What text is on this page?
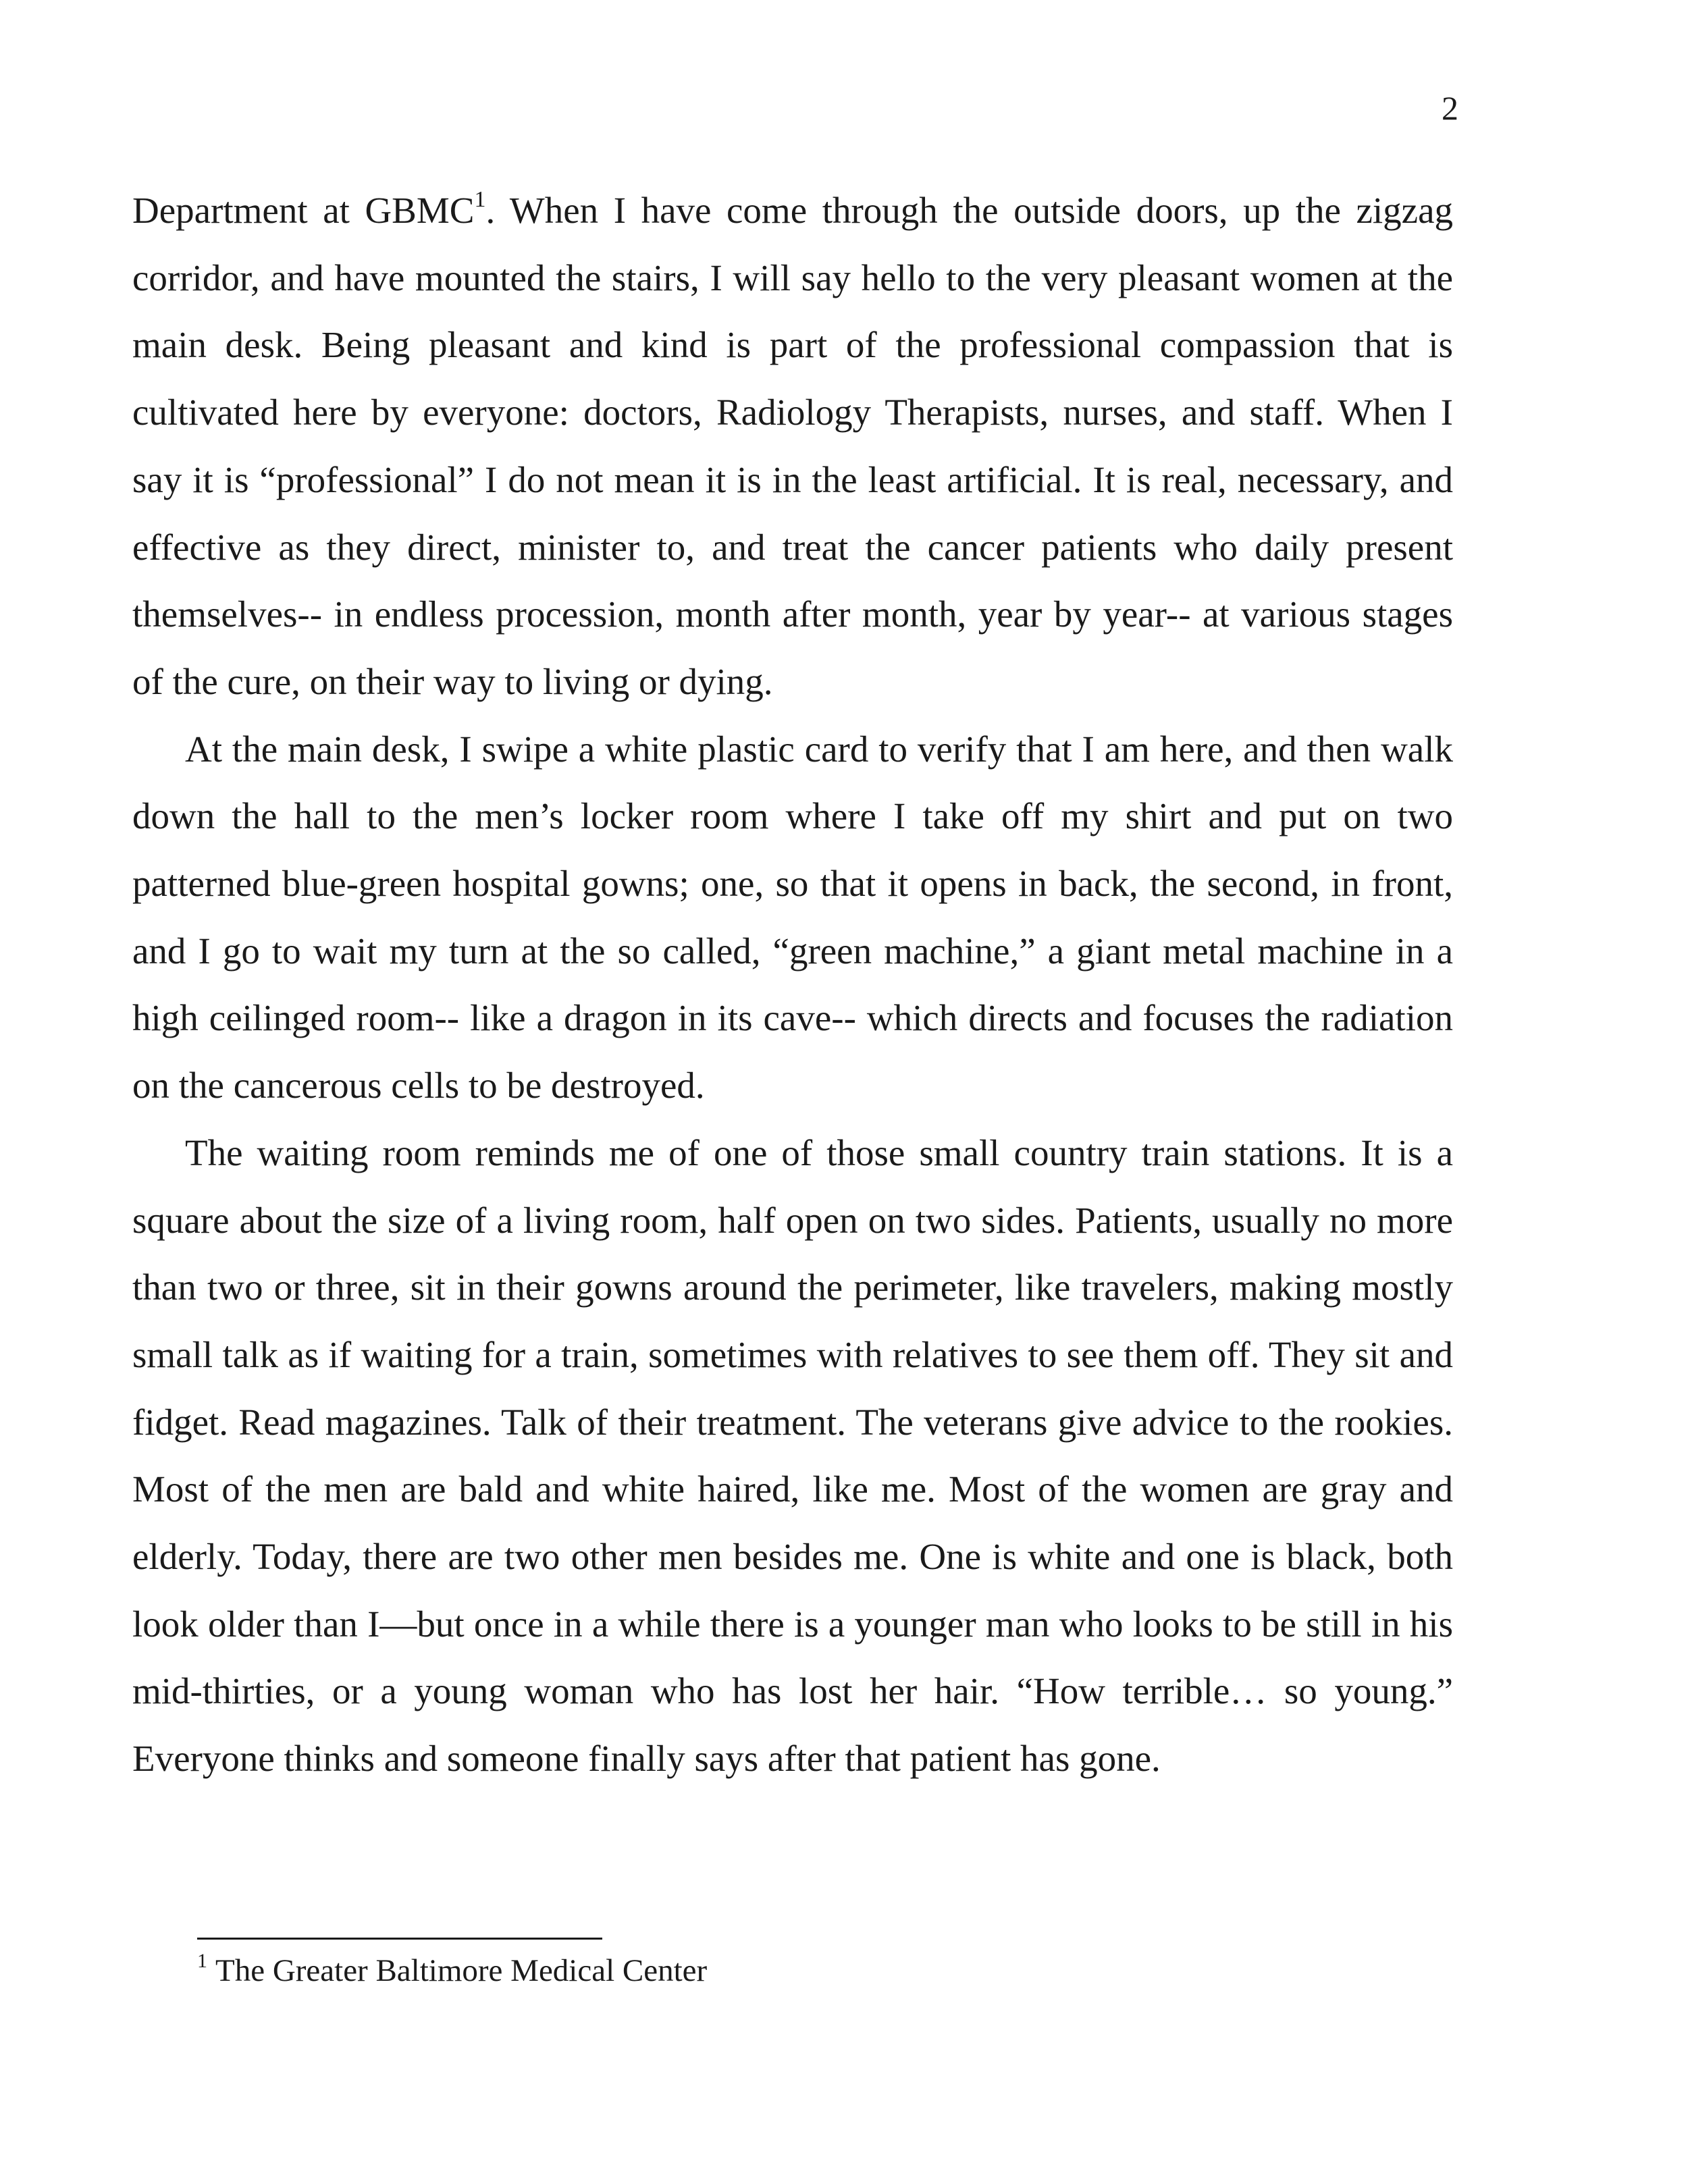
2

Department at GBMC$^1$. When I have come through the outside doors, up the zigzag corridor, and have mounted the stairs, I will say hello to the very pleasant women at the main desk. Being pleasant and kind is part of the professional compassion that is cultivated here by everyone: doctors, Radiology Therapists, nurses, and staff. When I say it is “professional” I do not mean it is in the least artificial. It is real, necessary, and effective as they direct, minister to, and treat the cancer patients who daily present themselves-- in endless procession, month after month, year by year-- at various stages of the cure, on their way to living or dying.

At the main desk, I swipe a white plastic card to verify that I am here, and then walk down the hall to the men’s locker room where I take off my shirt and put on two patterned blue-green hospital gowns; one, so that it opens in back, the second, in front, and I go to wait my turn at the so called, “green machine,” a giant metal machine in a high ceilinged room-- like a dragon in its cave-- which directs and focuses the radiation on the cancerous cells to be destroyed.

The waiting room reminds me of one of those small country train stations. It is a square about the size of a living room, half open on two sides. Patients, usually no more than two or three, sit in their gowns around the perimeter, like travelers, making mostly small talk as if waiting for a train, sometimes with relatives to see them off. They sit and fidget. Read magazines. Talk of their treatment. The veterans give advice to the rookies. Most of the men are bald and white haired, like me. Most of the women are gray and elderly. Today, there are two other men besides me. One is white and one is black, both look older than I—but once in a while there is a younger man who looks to be still in his mid-thirties, or a young woman who has lost her hair. “How terrible… so young.” Everyone thinks and someone finally says after that patient has gone.

$^1$ The Greater Baltimore Medical Center
